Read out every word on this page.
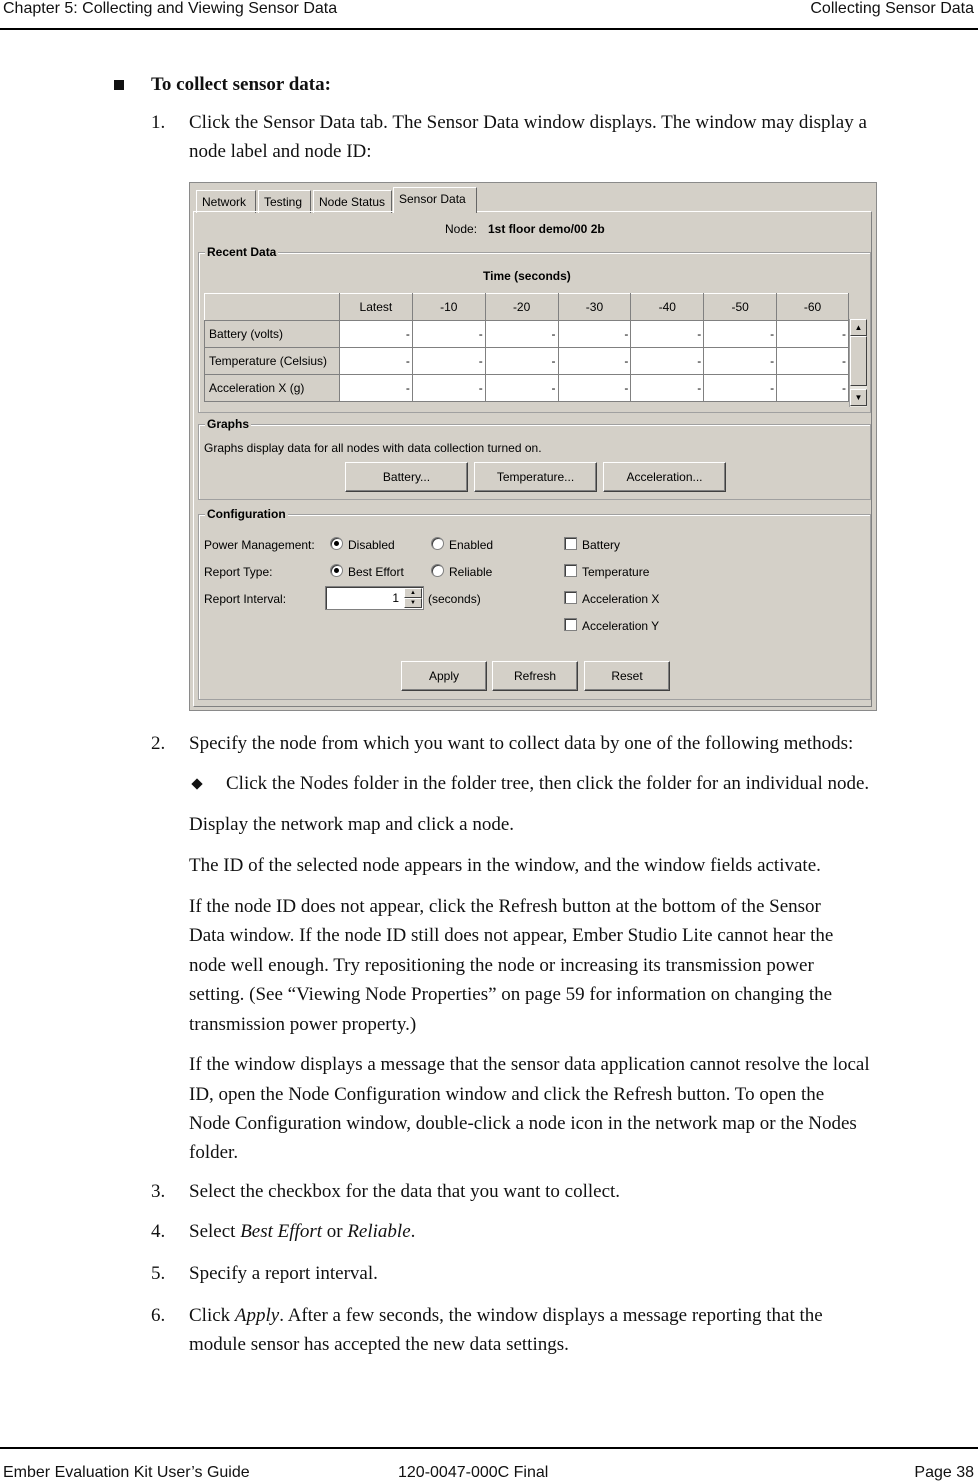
Chapter 5: Collecting and Viewing Sensor Data	Collecting Sensor Data
To collect sensor data:
1. Click the Sensor Data tab. The Sensor Data window displays. The window may display a
node label and node ID:
Network	Testing	Node Status	Sensor Data
Node: 1st floor demo/00 2b
Recent Data
Time (seconds)
	Latest	-10	-20	-30	-40	-50	-60
Battery (volts)	-	-	-	-	-	-	-
Temperature (Celsius)	-	-	-	-	-	-	-
Acceleration X (g)	-	-	-	-	-	-	-
▲
▼
Graphs
Graphs display data for all nodes with data collection turned on.
Battery...	Temperature...	Acceleration...
Configuration
Power Management:	Disabled	Enabled
Report Type:	Best Effort	Reliable
Report Interval:	1	▲
▼	(seconds)
Battery
Temperature
Acceleration X
Acceleration Y
Apply	Refresh	Reset
2. Specify the node from which you want to collect data by one of the following methods:
Click the Nodes folder in the folder tree, then click the folder for an individual node.
Display the network map and click a node.
The ID of the selected node appears in the window, and the window fields activate.
If the node ID does not appear, click the Refresh button at the bottom of the Sensor
Data window. If the node ID still does not appear, Ember Studio Lite cannot hear the
node well enough. Try repositioning the node or increasing its transmission power
setting. (See “Viewing Node Properties” on page 59 for information on changing the
transmission power property.)
If the window displays a message that the sensor data application cannot resolve the local
ID, open the Node Configuration window and click the Refresh button. To open the
Node Configuration window, double-click a node icon in the network map or the Nodes
folder.
3. Select the checkbox for the data that you want to collect.
4. Select Best Effort or Reliable.
5. Specify a report interval.
6. Click Apply. After a few seconds, the window displays a message reporting that the
module sensor has accepted the new data settings.
Ember Evaluation Kit User’s Guide	120-0047-000C Final	Page 38
